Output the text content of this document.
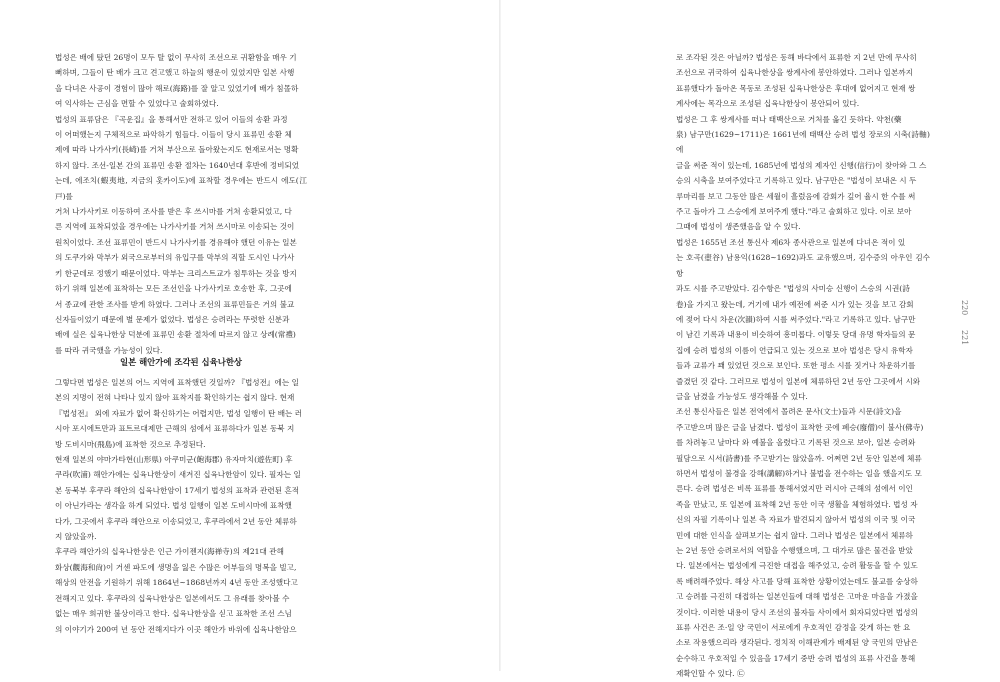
법성은 배에 탔던 26명이 모두 탈 없이 무사히 조선으로 귀환함을 매우 기
뻐하며, 그들이 탄 배가 크고 견고했고 하늘의 행운이 있었지만 일본 사행
을 다녀온 사공이 경험이 많아 해로(海路)를 잘 알고 있었기에 배가 침몰하
여 익사하는 근심을 면할 수 있었다고 술회하였다.

법성의 표류담은 『곡운집』을 통해서만 전하고 있어 이들의 송환 과정
이 어떠했는지 구체적으로 파악하기 힘들다. 이들이 당시 표류민 송환 체
제에 따라 나가사키(長崎)를 거쳐 부산으로 돌아왔는지도 현재로서는 명확
하지 않다. 조선-일본 간의 표류민 송환 절차는 1640년대 후반에 정비되었
는데, 에조치(蝦夷地, 지금의 홋카이도)에 표착할 경우에는 반드시 에도(江戸)를
거쳐 나가사키로 이동하여 조사를 받은 후 쓰시마를 거쳐 송환되었고, 다
른 지역에 표착되었을 경우에는 나가사키를 거쳐 쓰시마로 이송되는 것이
원칙이었다. 조선 표류민이 반드시 나가사키를 경유해야 했던 이유는 일본
의 도쿠가와 막부가 외국으로부터의 유입구를 막부의 직할 도시인 나가사
키 한군데로 정했기 때문이었다. 막부는 크리스트교가 침투하는 것을 방지
하기 위해 일본에 표착하는 모든 조선인을 나가사키로 호송한 후, 그곳에
서 종교에 관한 조사를 받게 하였다. 그러나 조선의 표류민들은 거의 불교
신자들이었기 때문에 별 문제가 없었다. 법성은 승려라는 뚜렷한 신분과
배에 실은 십육나한상 덕분에 표류민 송환 절차에 따르지 않고 상례(常禮)
를 따라 귀국했을 가능성이 있다.

일본 해안가에 조각된 십육나한상

그렇다면 법성은 일본의 어느 지역에 표착했던 것일까? 『법성전』에는 일
본의 지명이 전혀 나타나 있지 않아 표착지를 확인하기는 쉽지 않다. 현재
『법성전』 외에 자료가 없어 확신하기는 어렵지만, 법성 일행이 탄 배는 러
시아 포시에트만과 표트르대제만 근해의 섬에서 표류하다가 일본 동북 지
방 도비시마(飛島)에 표착한 것으로 추정된다.

현재 일본의 야마가타현(山形県) 아쿠미군(飽海郡) 유자마치(遊佐町) 후
쿠라(吹浦) 해안가에는 십육나한상이 새겨진 십육나한암이 있다. 필자는 일
본 동북부 후쿠라 해안의 십육나한암이 17세기 법성의 표착과 관련된 흔적
이 아닌가라는 생각을 하게 되었다. 법성 일행이 일본 도비시마에 표착했
다가, 그곳에서 후쿠라 해안으로 이송되었고, 후쿠라에서 2년 동안 체류하
지 않았을까.

후쿠라 해안가의 십육나한상은 인근 가이젠지(海禅寺)의 제21대 관해
화상(觀海和尙)이 거센 파도에 생명을 잃은 수많은 어부들의 명복을 빌고,
해상의 안전을 기원하기 위해 1864년~1868년까지 4년 동안 조성했다고
전해지고 있다. 후쿠라의 십육나한상은 일본에서도 그 유래를 찾아볼 수
없는 매우 희귀한 불상이라고 한다. 십육나한상을 싣고 표착한 조선 스님
의 이야기가 200여 년 동안 전해지다가 이곳 해안가 바위에 십육나한암으

로 조각된 것은 아닐까? 법성은 동해 바다에서 표류한 지 2년 만에 무사히
조선으로 귀국하여 십육나한상을 쌍계사에 봉안하였다. 그러나 일본까지
표류했다가 돌아온 목동로 조성된 십육나한상은 후대에 없어지고 현재 쌍
계사에는 목각으로 조성된 십육나한상이 봉안되어 있다.

법성은 그 후 쌍계사를 떠나 태백산으로 거처를 옮긴 듯하다. 약천(藥
泉) 남구만(1629~1711)은 1661년에 태백산 승려 법성 장로의 시축(詩軸)에
글을 써준 적이 있는데, 1685년에 법성의 제자인 신행(信行)이 찾아와 그 스
승의 시축을 보여주었다고 기록하고 있다. 남구만은 "법성이 보내온 시 두
루마리를 보고 그동안 많은 세월이 흘렀음에 감회가 깊어 율시 한 수를 써
주고 돌아가 그 스승에게 보여주게 했다."라고 술회하고 있다. 이로 보아
그때에 법성이 생존했음을 알 수 있다.

법성은 1655년 조선 통신사 제6차 종사관으로 일본에 다녀온 적이 있
는 호곡(壺谷) 남용익(1628~1692)과도 교유했으며, 김수증의 아우인 김수항
과도 시를 주고받았다. 김수항은 "법성의 사미승 신행이 스승의 시권(詩
卷)을 가지고 왔는데, 거기에 내가 예전에 써준 시가 있는 것을 보고 감회
에 젖어 다시 차운(次韻)하여 시를 써주었다."라고 기록하고 있다. 남구만
이 남긴 기록과 내용이 비슷하여 흥미롭다. 이렇듯 당대 유명 학자들의 문
집에 승려 법성의 이름이 언급되고 있는 것으로 보아 법성은 당시 유학자
들과 교류가 꽤 있었던 것으로 보인다. 또한 평소 시를 짓거나 차운하기를
즐겼던 것 같다. 그러므로 법성이 일본에 체류하던 2년 동안 그곳에서 시와
글을 남겼을 가능성도 생각해볼 수 있다.

조선 통신사들은 일본 전역에서 몰려온 문사(文士)들과 시문(詩文)을
주고받으며 많은 글을 남겼다. 법성이 표착한 곳에 폐승(廢僧)이 불사(佛寺)
를 차려놓고 날마다 와 예불을 올렸다고 기록된 것으로 보아, 일본 승려와
필담으로 시서(詩書)를 주고받기는 않았을까. 어쩌면 2년 동안 일본에 체류
하면서 법성이 불경을 강해(講解)하거나 불법을 전수하는 일을 했을지도 모
른다. 승려 법성은 비록 표류를 통해서였지만 러시아 근해의 섬에서 이인
족을 만났고, 또 일본에 표착해 2년 동안 이국 생활을 체험하였다. 법성 자
신의 자필 기록이나 일본 측 자료가 발견되지 않아서 법성의 이국 및 이국
민에 대한 인식을 살펴보기는 쉽지 않다. 그러나 법성은 일본에서 체류하
는 2년 동안 승려로서의 역할을 수행했으며, 그 대가로 많은 물건을 받았
다. 일본에서는 법성에게 극진한 대접을 해주었고, 승려 활동을 할 수 있도
록 배려해주었다. 해상 사고를 당해 표착한 상황이었는데도 불교를 숭상하
고 승려를 극진히 대접하는 일본인들에 대해 법성은 고마운 마음을 가졌을
것이다. 이러한 내용이 당시 조선의 불자들 사이에서 회자되었다면 법성의
표류 사건은 조·일 양 국민이 서로에게 우호적인 감정을 갖게 하는 한 요
소로 작용했으리라 생각된다. 정치적 이해관계가 배제된 양 국민의 만남은
순수하고 우호적일 수 있음을 17세기 중반 승려 법성의 표류 사건을 통해
재확인할 수 있다. ㉢

220
221
